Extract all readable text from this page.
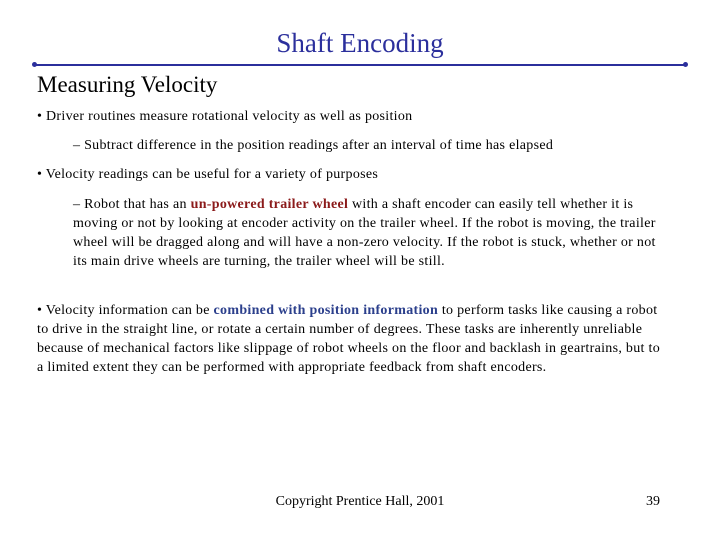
Shaft Encoding
Measuring Velocity
• Driver routines measure rotational velocity as well as position
– Subtract difference in the position readings after an interval of time has elapsed
• Velocity readings can be useful for a variety of purposes
– Robot that has an un-powered trailer wheel with a shaft encoder can easily tell whether it is moving or not by looking at encoder activity on the trailer wheel. If the robot is moving, the trailer wheel will be dragged along and will have a non-zero velocity. If the robot is stuck, whether or not its main drive wheels are turning, the trailer wheel will be still.
• Velocity information can be combined with position information to perform tasks like causing a robot to drive in the straight line, or rotate a certain number of degrees. These tasks are inherently unreliable because of mechanical factors like slippage of robot wheels on the floor and backlash in geartrains, but to a limited extent they can be performed with appropriate feedback from shaft encoders.
Copyright Prentice Hall, 2001	39
